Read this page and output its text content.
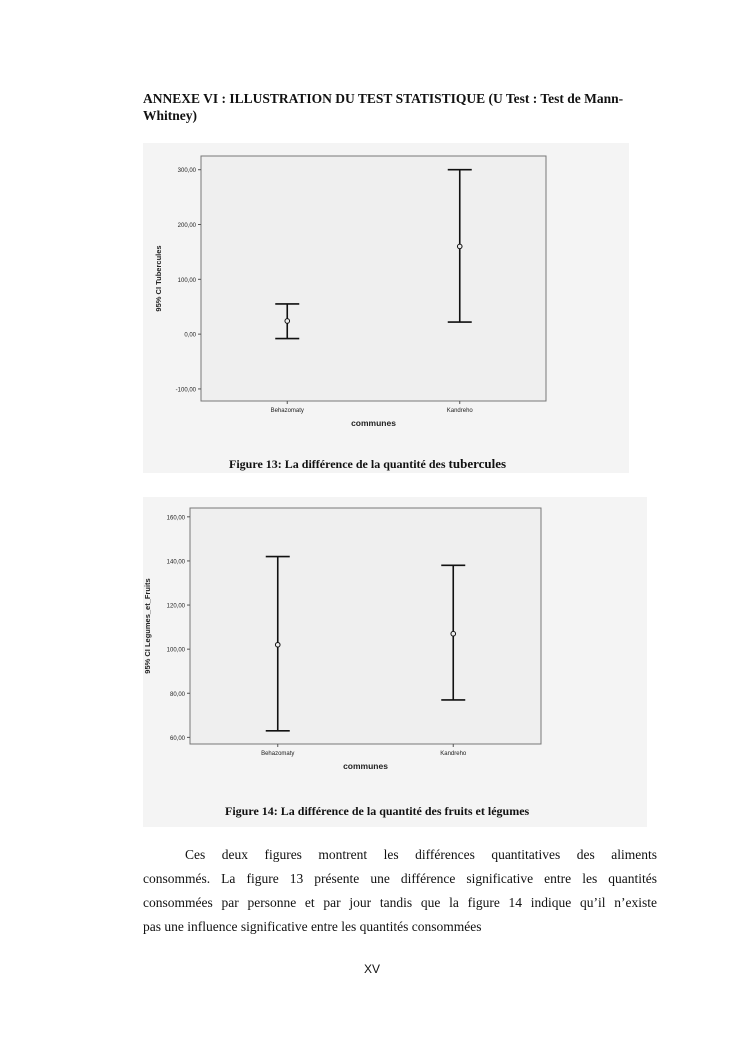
ANNEXE VI : ILLUSTRATION DU TEST STATISTIQUE (U Test : Test de Mann-Whitney)
-100,00
0,00
100,00
200,00
300,00
Behazomaty	Kandreho
communes
95% CI Tubercules
Figure 13: La différence de la quantité des tubercules
60,00
80,00
100,00
120,00
140,00
160,00
Behazomaty	Kandreho
communes
95% CI Legumes_et_Fruits
Figure 14: La différence de la quantité des fruits et légumes
Ces deux figures montrent les différences quantitatives des aliments
consommés. La figure 13 présente une différence significative entre les quantités
consommées par personne et par jour tandis que la figure 14 indique qu’il n’existe
pas une influence significative entre les quantités consommées
XV
